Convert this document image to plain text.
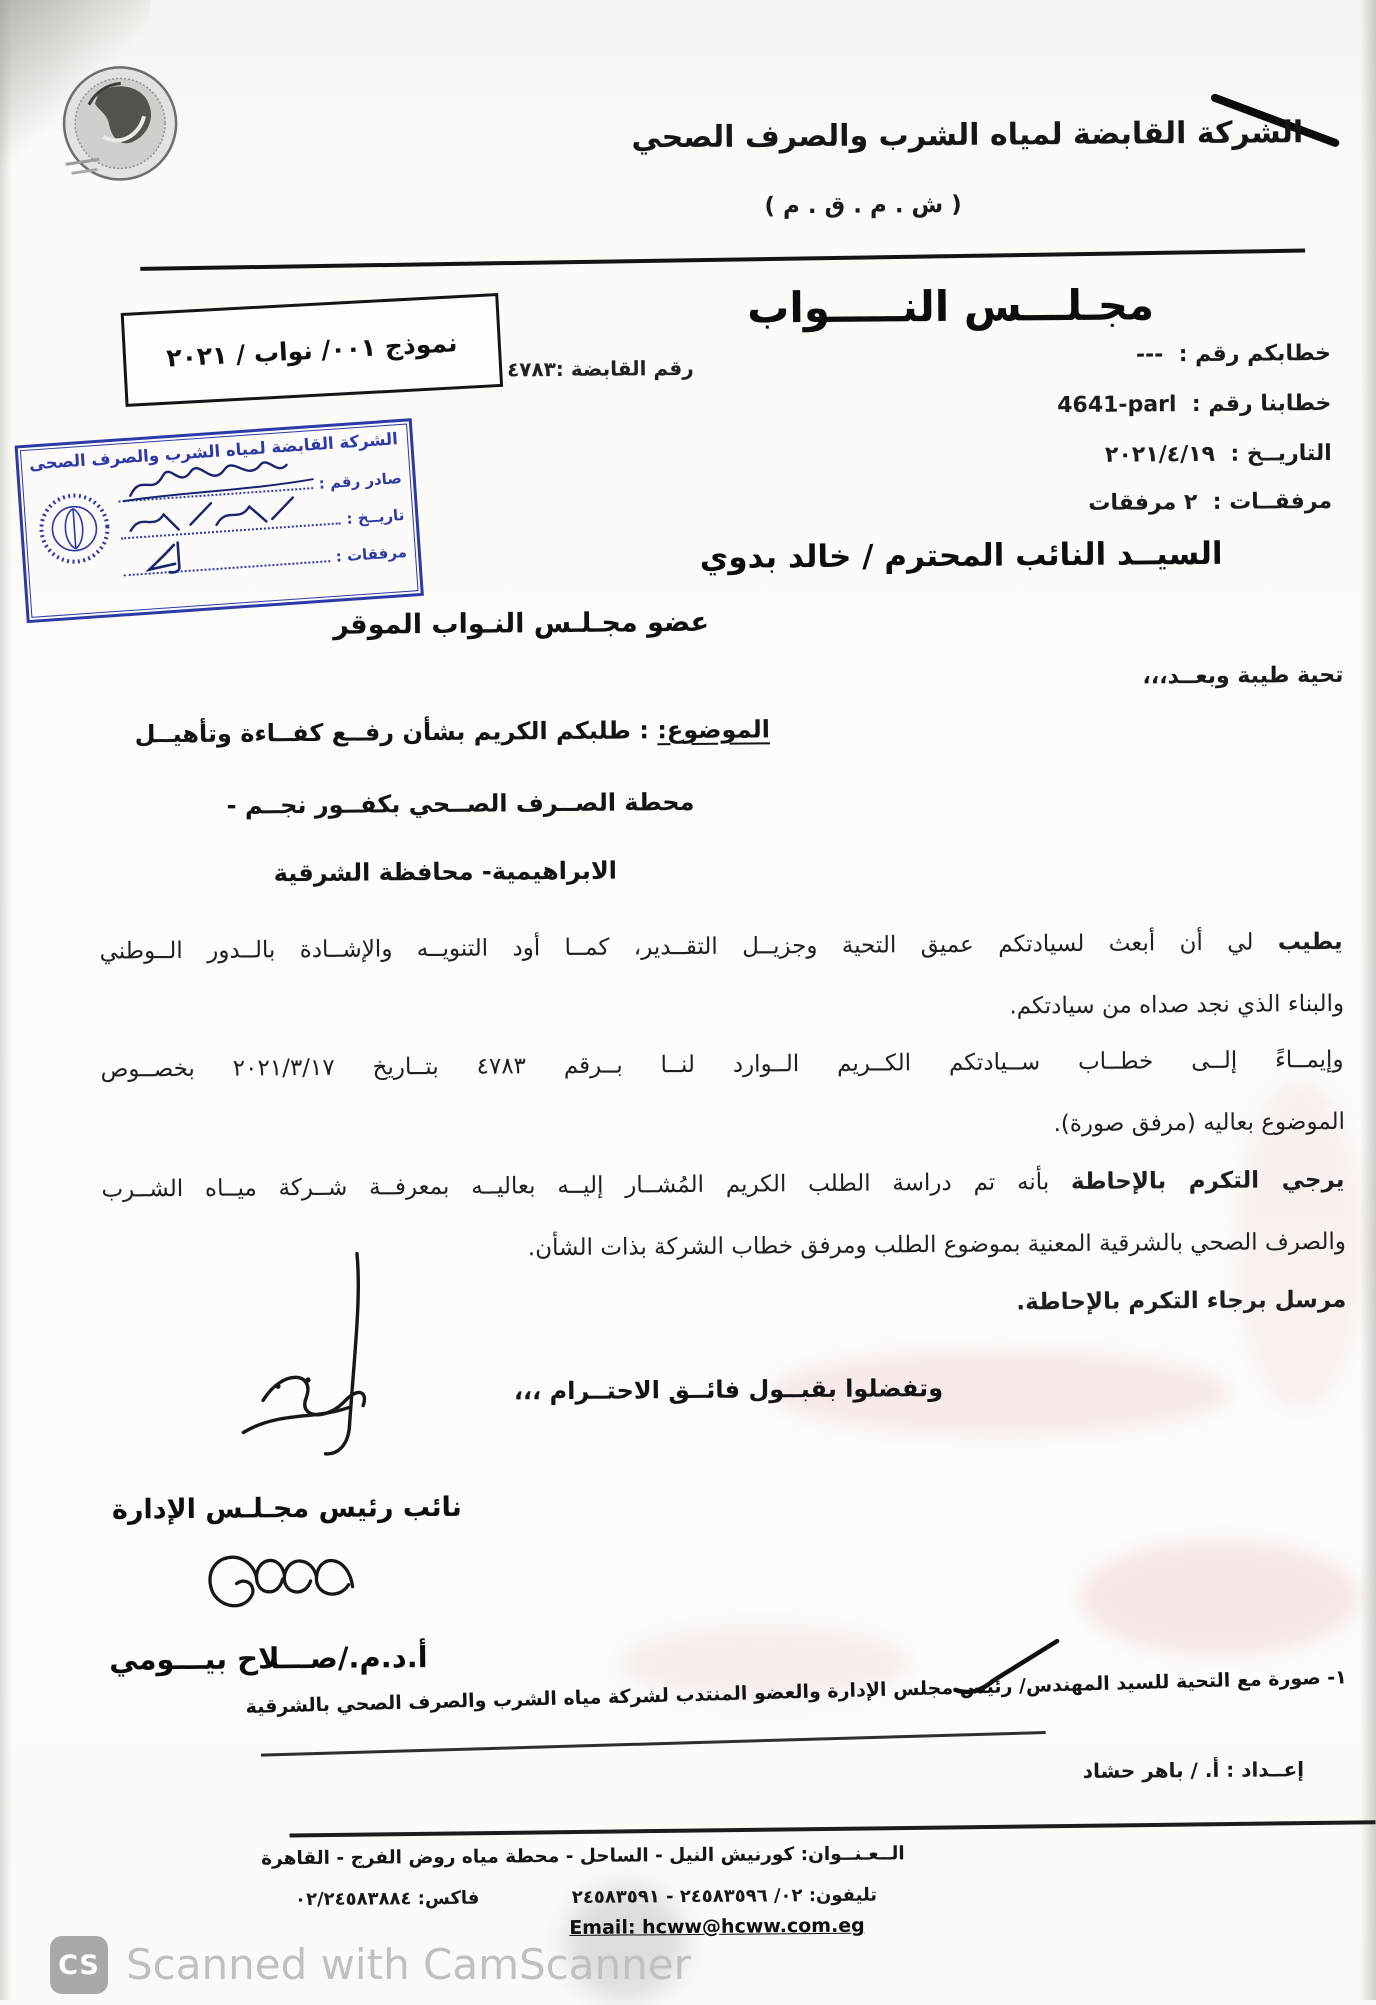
الشركة القابضة لمياه الشرب والصرف الصحي
( ش . م . ق . م )
مجـلـــس النـــــواب
خطابكم رقم :  ---
خطابنا رقم :  4641-parl
التاريــخ :  ٢٠٢١/٤/١٩
مرفقــات :  ٢ مرفقات
نموذج ٠٠١/ نواب / ٢٠٢١
رقم القابضة :٤٧٨٣
الشركة القابضة لمياه الشرب والصرف الصحى
صادر رقم :
تاريــخ :
مرفقات :	السيــد النائب المحترم / خالد بدوي
عضو مجـلـس النـواب الموقر
تحية طيبة وبعــد،،،
الموضوع: : طلبكم الكريم بشأن رفــع كفــاءة وتأهيــل
محطة الصــرف الصــحي بكفــور نجــم -
الابراهيمية- محافظة الشرقية
يطيب لي أن أبعث لسيادتكم عميق التحية وجزيــل التقــدير، كمــا أود التنويــه والإشــادة بالــدور الــوطني
والبناء الذي نجد صداه من سيادتكم.
وإيمــاءً إلــى خطــاب ســيادتكم الكــريم الــوارد لنــا بــرقم ٤٧٨٣ بتــاريخ ٢٠٢١/٣/١٧ بخصــوص
الموضوع بعاليه (مرفق صورة).
يرجي التكرم بالإحاطة بأنه تم دراسة الطلب الكريم المُشــار إليــه بعاليــه بمعرفــة شــركة ميــاه الشــرب
والصرف الصحي بالشرقية المعنية بموضوع الطلب ومرفق خطاب الشركة بذات الشأن.
مرسل برجاء التكرم بالإحاطة.
وتفضلوا بقبــول فائــق الاحتــرام ،،،
نائب رئيس مجـلـس الإدارة
أ.د.م./صـــلاح بيـــومي
١- صورة مع التحية للسيد المهندس/ رئيس مجلس الإدارة والعضو المنتدب لشركة مياه الشرب والصرف الصحي بالشرقية
إعــداد : أ. / باهر حشاد
الــعـنــوان: كورنيش النيل - الساحل - محطة مياه روض الفرج - القاهرة
تليفون: ٠٢/ ٢٤٥٨٣٥٩٦ - ٢٤٥٨٣٥٩١
فاكس: ٠٢/٢٤٥٨٣٨٨٤
Email: hcww@hcww.com.eg
CS Scanned with CamScanner
